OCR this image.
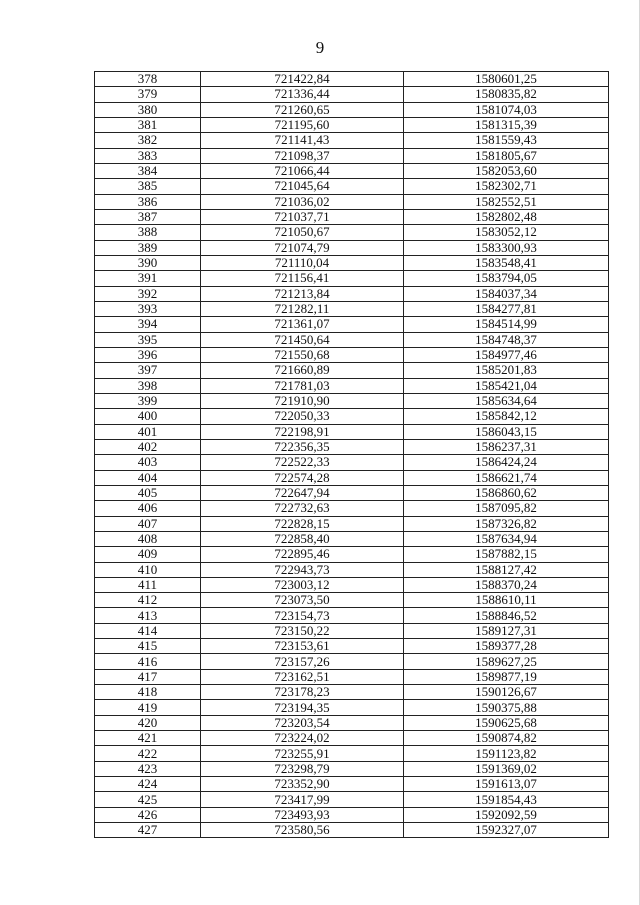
9
378	721422,84	1580601,25
379	721336,44	1580835,82
380	721260,65	1581074,03
381	721195,60	1581315,39
382	721141,43	1581559,43
383	721098,37	1581805,67
384	721066,44	1582053,60
385	721045,64	1582302,71
386	721036,02	1582552,51
387	721037,71	1582802,48
388	721050,67	1583052,12
389	721074,79	1583300,93
390	721110,04	1583548,41
391	721156,41	1583794,05
392	721213,84	1584037,34
393	721282,11	1584277,81
394	721361,07	1584514,99
395	721450,64	1584748,37
396	721550,68	1584977,46
397	721660,89	1585201,83
398	721781,03	1585421,04
399	721910,90	1585634,64
400	722050,33	1585842,12
401	722198,91	1586043,15
402	722356,35	1586237,31
403	722522,33	1586424,24
404	722574,28	1586621,74
405	722647,94	1586860,62
406	722732,63	1587095,82
407	722828,15	1587326,82
408	722858,40	1587634,94
409	722895,46	1587882,15
410	722943,73	1588127,42
411	723003,12	1588370,24
412	723073,50	1588610,11
413	723154,73	1588846,52
414	723150,22	1589127,31
415	723153,61	1589377,28
416	723157,26	1589627,25
417	723162,51	1589877,19
418	723178,23	1590126,67
419	723194,35	1590375,88
420	723203,54	1590625,68
421	723224,02	1590874,82
422	723255,91	1591123,82
423	723298,79	1591369,02
424	723352,90	1591613,07
425	723417,99	1591854,43
426	723493,93	1592092,59
427	723580,56	1592327,07
